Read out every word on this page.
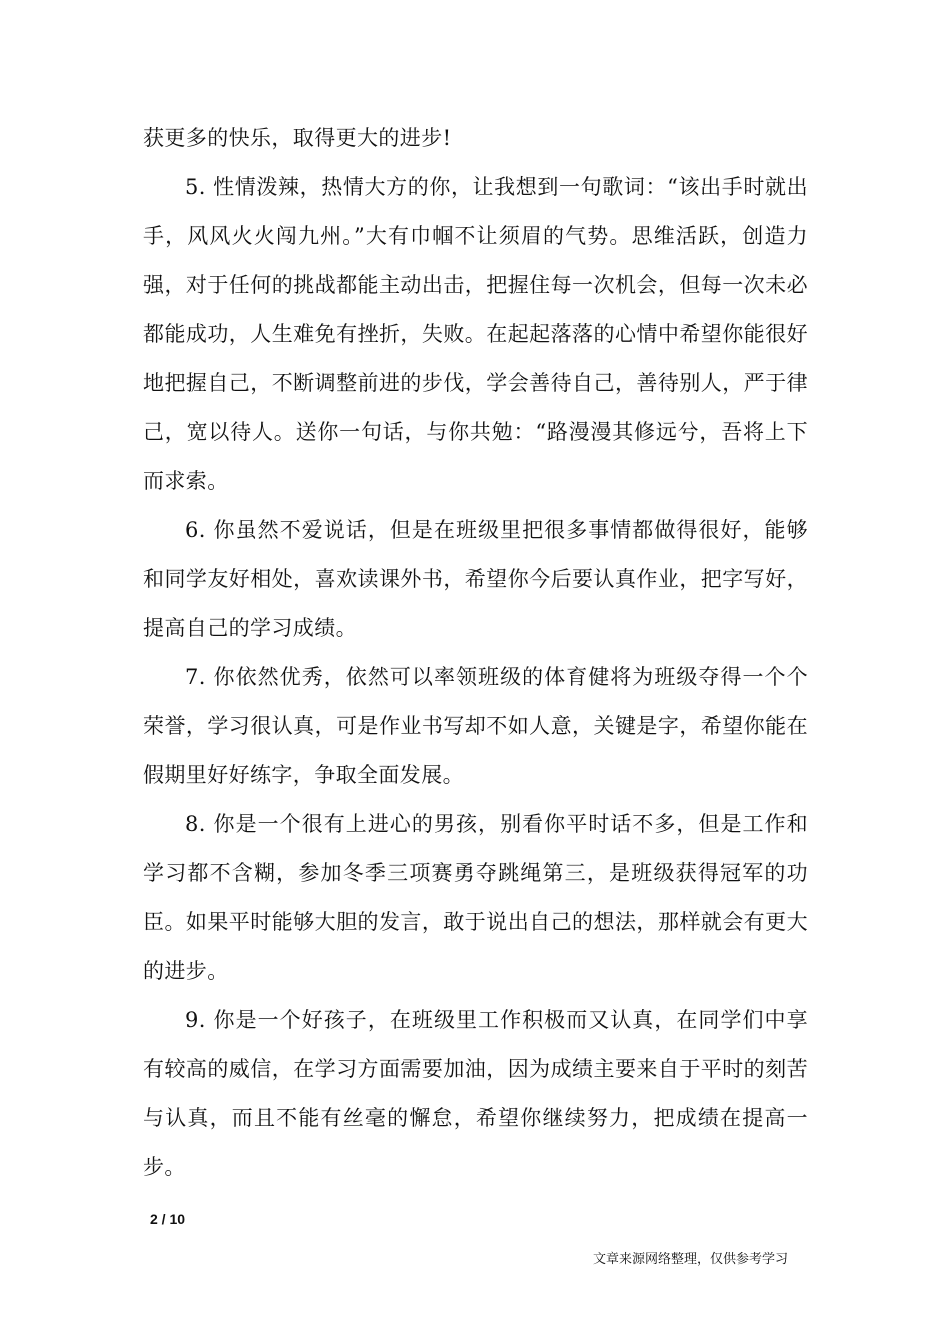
获更多的快乐，取得更大的进步!

5. 性情泼辣，热情大方的你，让我想到一句歌词：“该出手时就出手，风风火火闯九州。”大有巾帼不让须眉的气势。思维活跃，创造力强，对于任何的挑战都能主动出击，把握住每一次机会，但每一次未必都能成功，人生难免有挫折，失败。在起起落落的心情中希望你能很好地把握自己，不断调整前进的步伐，学会善待自己，善待别人，严于律己，宽以待人。送你一句话，与你共勉：“路漫漫其修远兮，吾将上下而求索。

6. 你虽然不爱说话，但是在班级里把很多事情都做得很好，能够和同学友好相处，喜欢读课外书，希望你今后要认真作业，把字写好，提高自己的学习成绩。

7. 你依然优秀，依然可以率领班级的体育健将为班级夺得一个个荣誉，学习很认真，可是作业书写却不如人意，关键是字，希望你能在假期里好好练字，争取全面发展。

8. 你是一个很有上进心的男孩，别看你平时话不多，但是工作和学习都不含糊，参加冬季三项赛勇夺跳绳第三，是班级获得冠军的功臣。如果平时能够大胆的发言，敢于说出自己的想法，那样就会有更大的进步。

9. 你是一个好孩子，在班级里工作积极而又认真，在同学们中享有较高的威信，在学习方面需要加油，因为成绩主要来自于平时的刻苦与认真，而且不能有丝毫的懈怠，希望你继续努力，把成绩在提高一步。

2 / 10
文章来源网络整理，仅供参考学习
